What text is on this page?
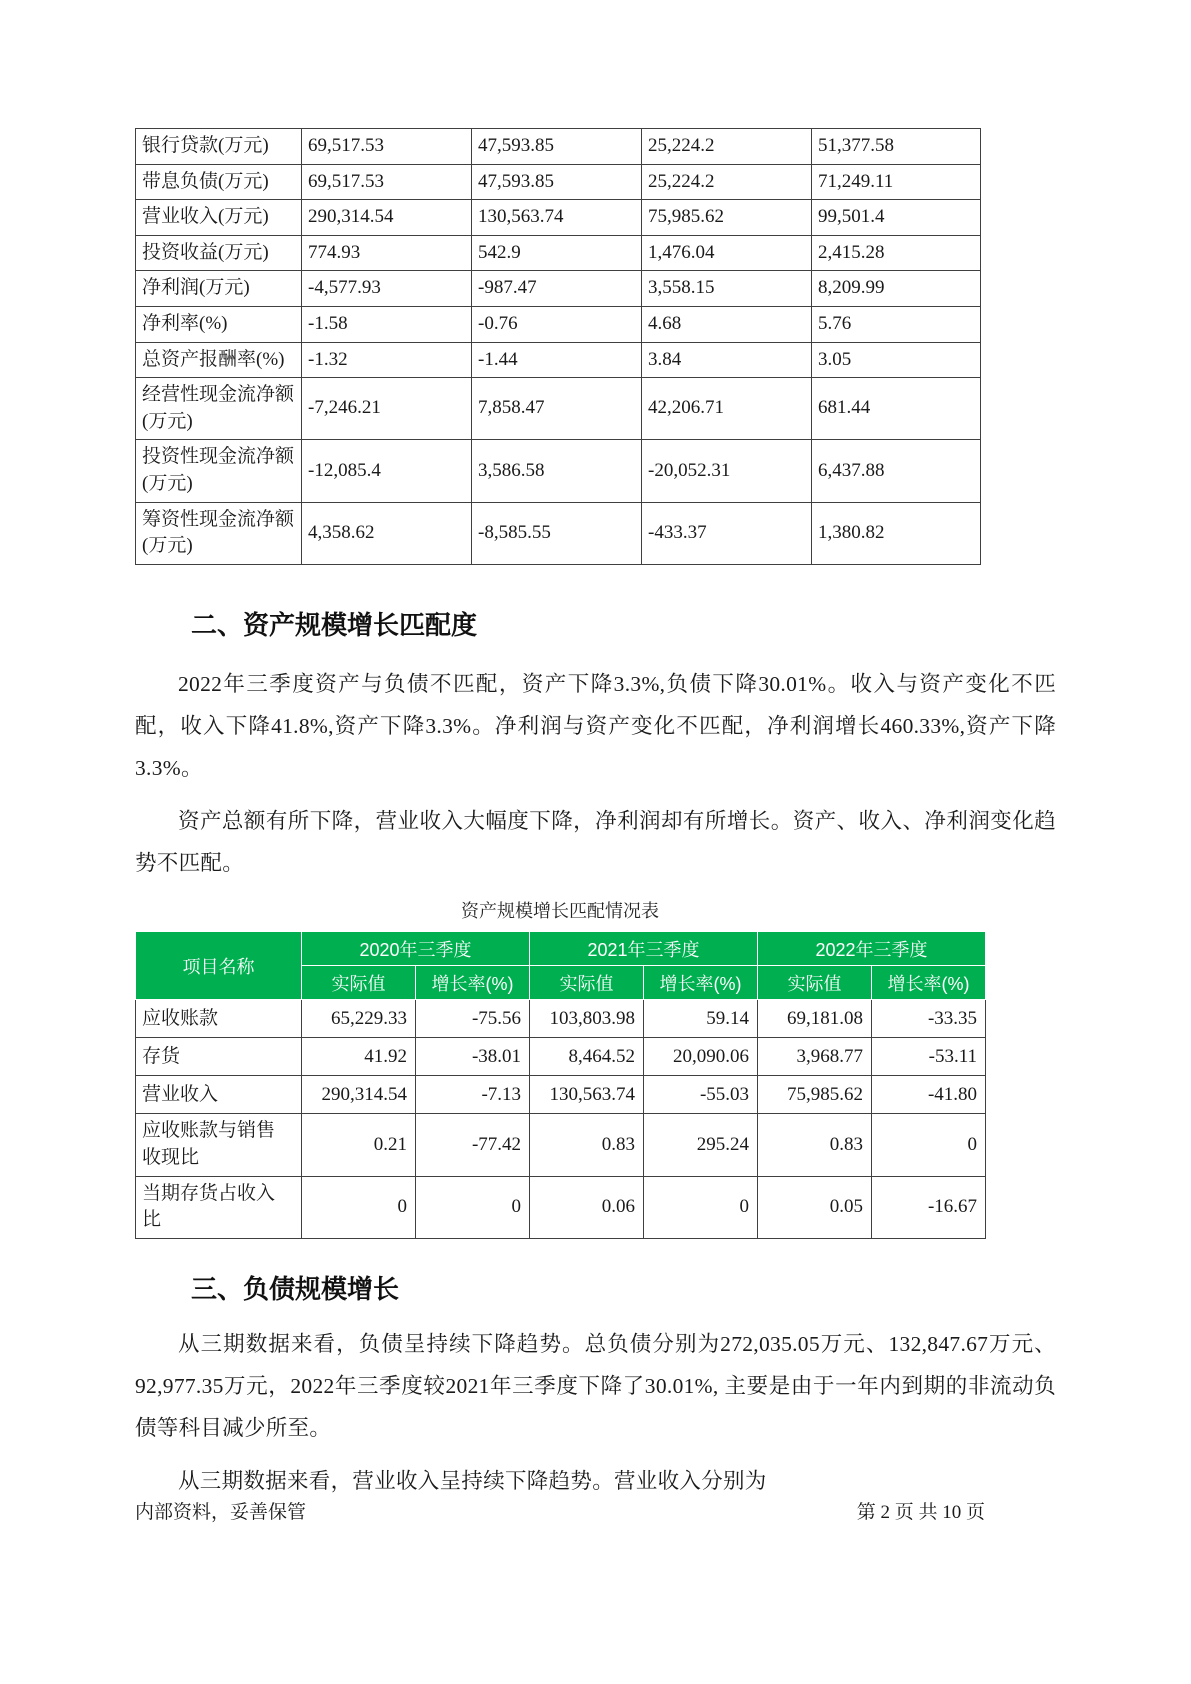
银行贷款(万元)	69,517.53	47,593.85	25,224.2	51,377.58
带息负债(万元)	69,517.53	47,593.85	25,224.2	71,249.11
营业收入(万元)	290,314.54	130,563.74	75,985.62	99,501.4
投资收益(万元)	774.93	542.9	1,476.04	2,415.28
净利润(万元)	-4,577.93	-987.47	3,558.15	8,209.99
净利率(%)	-1.58	-0.76	4.68	5.76
总资产报酬率(%)	-1.32	-1.44	3.84	3.05
经营性现金流净额(万元)	-7,246.21	7,858.47	42,206.71	681.44
投资性现金流净额(万元)	-12,085.4	3,586.58	-20,052.31	6,437.88
筹资性现金流净额(万元)	4,358.62	-8,585.55	-433.37	1,380.82
二、资产规模增长匹配度

2022年三季度资产与负债不匹配，资产下降3.3%,负债下降30.01%。收入与资产变化不匹配，收入下降41.8%,资产下降3.3%。净利润与资产变化不匹配，净利润增长460.33%,资产下降3.3%。

资产总额有所下降，营业收入大幅度下降，净利润却有所增长。资产、收入、净利润变化趋势不匹配。

资产规模增长匹配情况表
项目名称	2020年三季度		2021年三季度		2022年三季度	
	实际值	增长率(%)	实际值	增长率(%)	实际值	增长率(%)
应收账款	65,229.33	-75.56	103,803.98	59.14	69,181.08	-33.35
存货	41.92	-38.01	8,464.52	20,090.06	3,968.77	-53.11
营业收入	290,314.54	-7.13	130,563.74	-55.03	75,985.62	-41.80
应收账款与销售收现比	0.21	-77.42	0.83	295.24	0.83	0
当期存货占收入比	0	0	0.06	0	0.05	-16.67
三、负债规模增长

从三期数据来看，负债呈持续下降趋势。总负债分别为272,035.05万元、132,847.67万元、92,977.35万元，2022年三季度较2021年三季度下降了30.01%, 主要是由于一年内到期的非流动负债等科目减少所至。

从三期数据来看，营业收入呈持续下降趋势。营业收入分别为

内部资料，妥善保管	第 2 页 共 10 页
